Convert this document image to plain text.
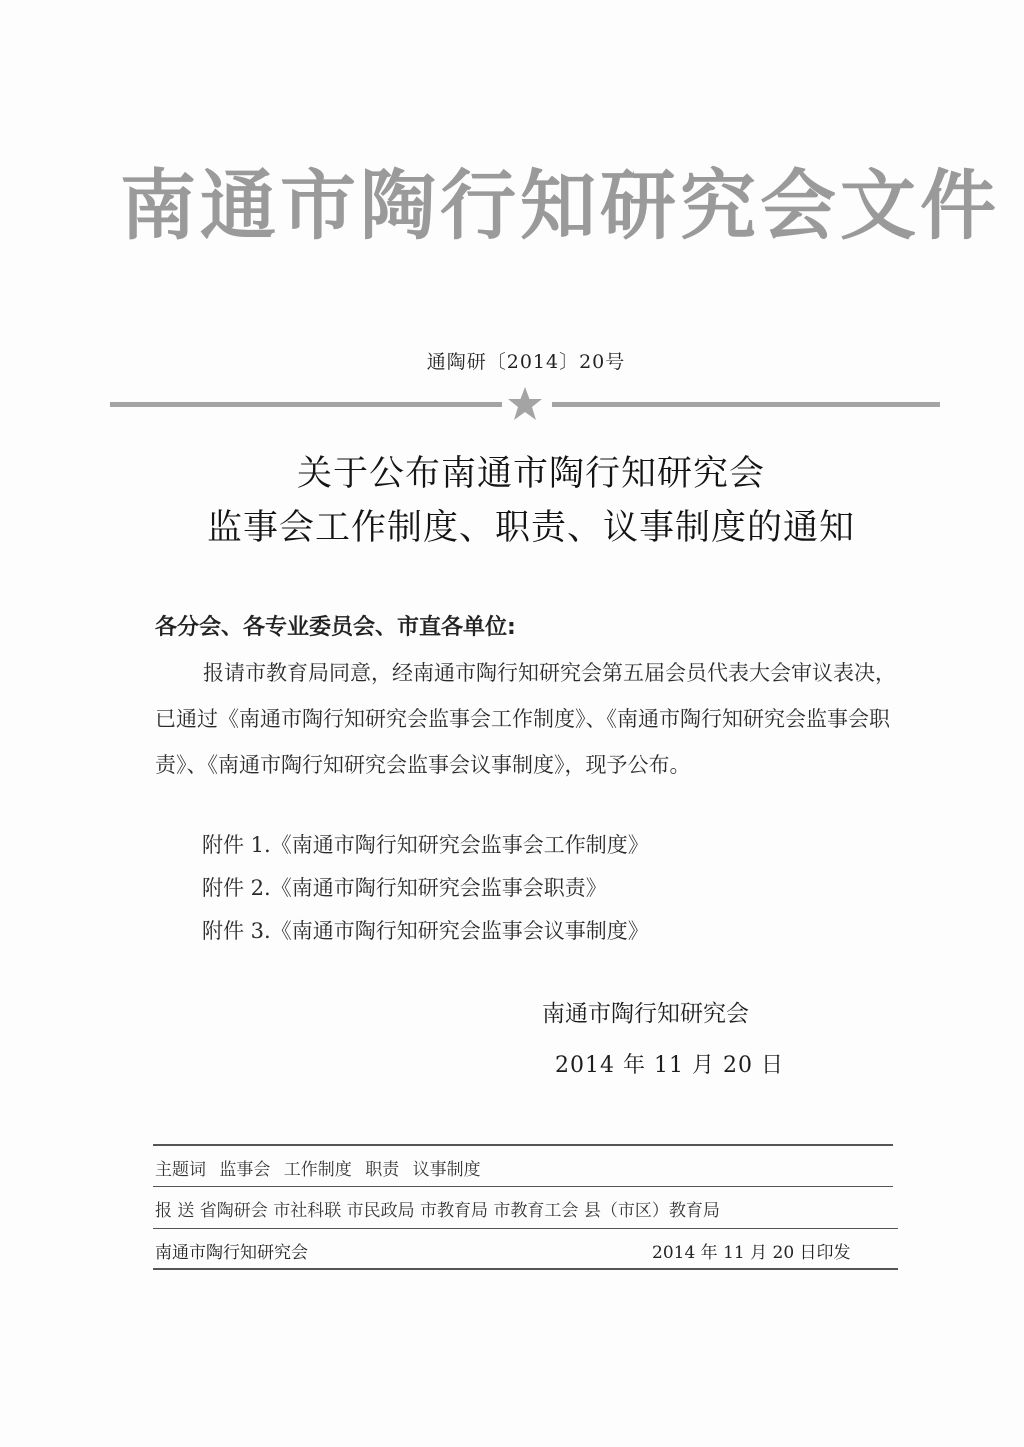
南通市陶行知研究会文件
通陶研〔2014〕20号
关于公布南通市陶行知研究会
监事会工作制度、职责、议事制度的通知
各分会、各专业委员会、市直各单位:

报请市教育局同意，经南通市陶行知研究会第五届会员代表大会审议表决，已通过《南通市陶行知研究会监事会工作制度》、《南通市陶行知研究会监事会职责》、《南通市陶行知研究会监事会议事制度》，现予公布。

附件 1.《南通市陶行知研究会监事会工作制度》
附件 2.《南通市陶行知研究会监事会职责》
附件 3.《南通市陶行知研究会监事会议事制度》
南通市陶行知研究会
2014 年 11 月 20 日
主题词 监事会 工作制度 职责 议事制度
报 送 省陶研会 市社科联 市民政局 市教育局 市教育工会 县（市区）教育局
南通市陶行知研究会	2014 年 11 月 20 日印发
